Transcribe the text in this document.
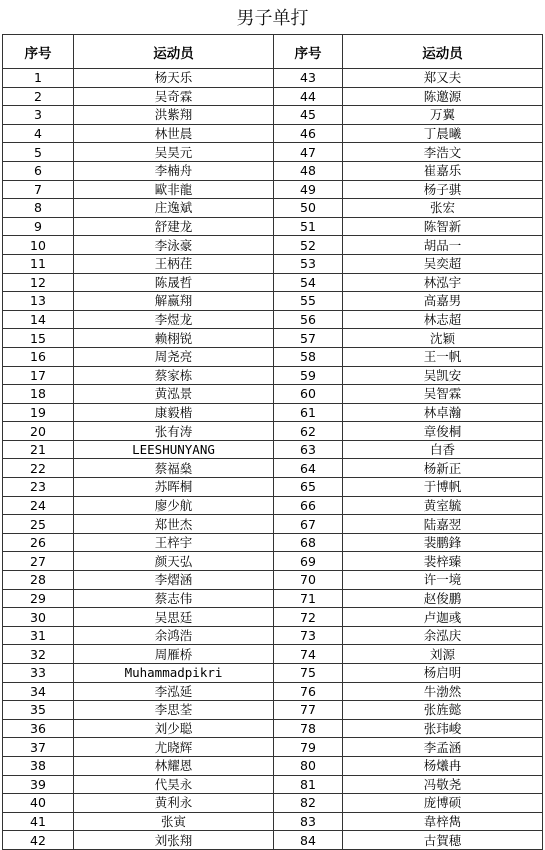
男子单打
序号	运动员	序号	运动员
1	杨天乐	43	郑又夫
2	吴奇霖	44	陈邀源
3	洪紫翔	45	万翼
4	林世晨	46	丁晨曦
5	吴昊元	47	李浩文
6	李楠舟	48	崔嘉乐
7	歐非龍	49	杨子骐
8	庄逸斌	50	张宏
9	舒建龙	51	陈智新
10	李泳豪	52	胡品一
11	王柄荏	53	吴奕超
12	陈晟哲	54	林泓宇
13	解嬴翔	55	高嘉男
14	李煜龙	56	林志超
15	赖栩锐	57	沈颖
16	周尧亮	58	王一帆
17	蔡家栋	59	吴凯安
18	黄泓景	60	吴智霖
19	康毅楷	61	林卓瀚
20	张有涛	62	章俊桐
21	LEESHUNYANG	63	白香
22	蔡福燊	64	杨新正
23	苏晖桐	65	于博帆
24	廖少航	66	黄室毓
25	郑世杰	67	陆嘉翌
26	王梓宇	68	裴鹏鋒
27	颜天弘	69	裴梓臻
28	李熠涵	70	许一境
29	蔡志伟	71	赵俊鹏
30	吴思廷	72	卢迦彧
31	余鸿浩	73	余泓庆
32	周雁桥	74	刘源
33	Muhammadpikri	75	杨启明
34	李泓延	76	牛渤然
35	李思荃	77	张旌懿
36	刘少聪	78	张玮峻
37	尤晓辉	79	李孟涵
38	林耀恩	80	杨爔冉
39	代昊永	81	冯敬尧
40	黄利永	82	庞博硕
41	张寅	83	韋梓雋
42	刘张翔	84	古賀穂
